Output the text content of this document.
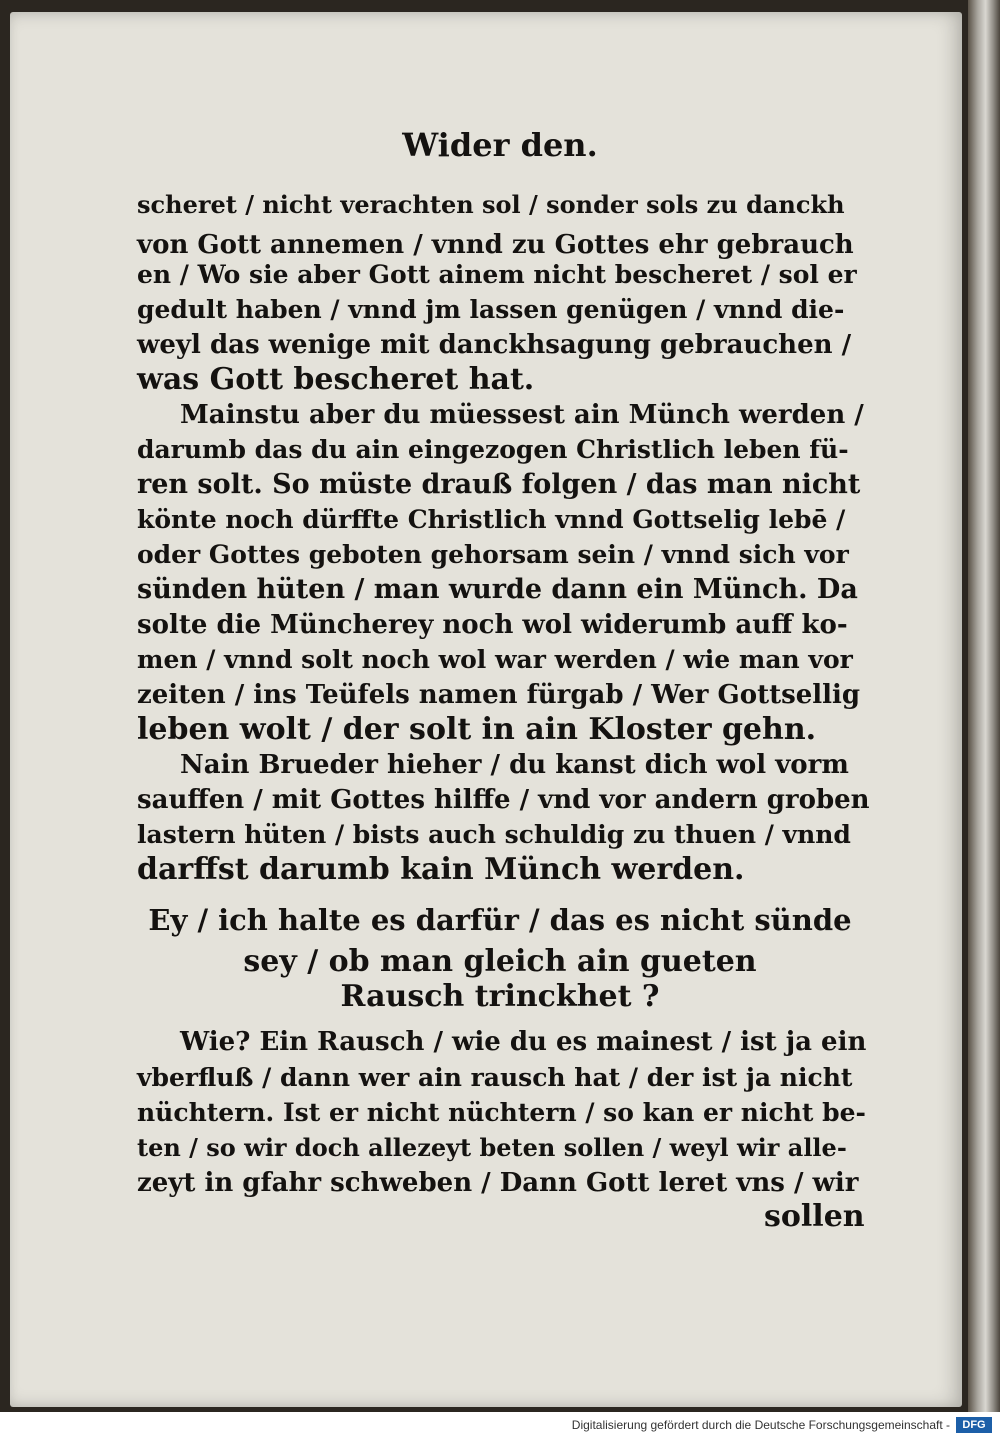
Wider den.

scheret / nicht verachten sol / sonder sols zu danckh

von Gott annemen / vnnd zu Gottes ehr gebrauch

en / Wo sie aber Gott ainem nicht bescheret / sol er

gedult haben / vnnd jm lassen genügen / vnnd die-

weyl das wenige mit danckhsagung gebrauchen /

was Gott bescheret hat.

Mainstu aber du müessest ain Münch werden /

darumb das du ain eingezogen Christlich leben fü-

ren solt. So müste drauß folgen / das man nicht

könte noch dürffte Christlich vnnd Gottselig lebē /

oder Gottes geboten gehorsam sein / vnnd sich vor

sünden hüten / man wurde dann ein Münch. Da

solte die Müncherey noch wol widerumb auff ko-

men / vnnd solt noch wol war werden / wie man vor

zeiten / ins Teüfels namen fürgab / Wer Gottsellig

leben wolt / der solt in ain Kloster gehn.

Nain Brueder hieher / du kanst dich wol vorm

sauffen / mit Gottes hilffe / vnd vor andern groben

lastern hüten / bists auch schuldig zu thuen / vnnd

darffst darumb kain Münch werden.

Ey / ich halte es darfür / das es nicht sünde

sey / ob man gleich ain gueten

Rausch trinckhet ?

Wie? Ein Rausch / wie du es mainest / ist ja ein

vberfluß / dann wer ain rausch hat / der ist ja nicht

nüchtern. Ist er nicht nüchtern / so kan er nicht be-

ten / so wir doch allezeyt beten sollen / weyl wir alle-

zeyt in gfahr schweben / Dann Gott leret vns / wir

sollen

Digitalisierung gefördert durch die Deutsche Forschungsgemeinschaft -	DFG
